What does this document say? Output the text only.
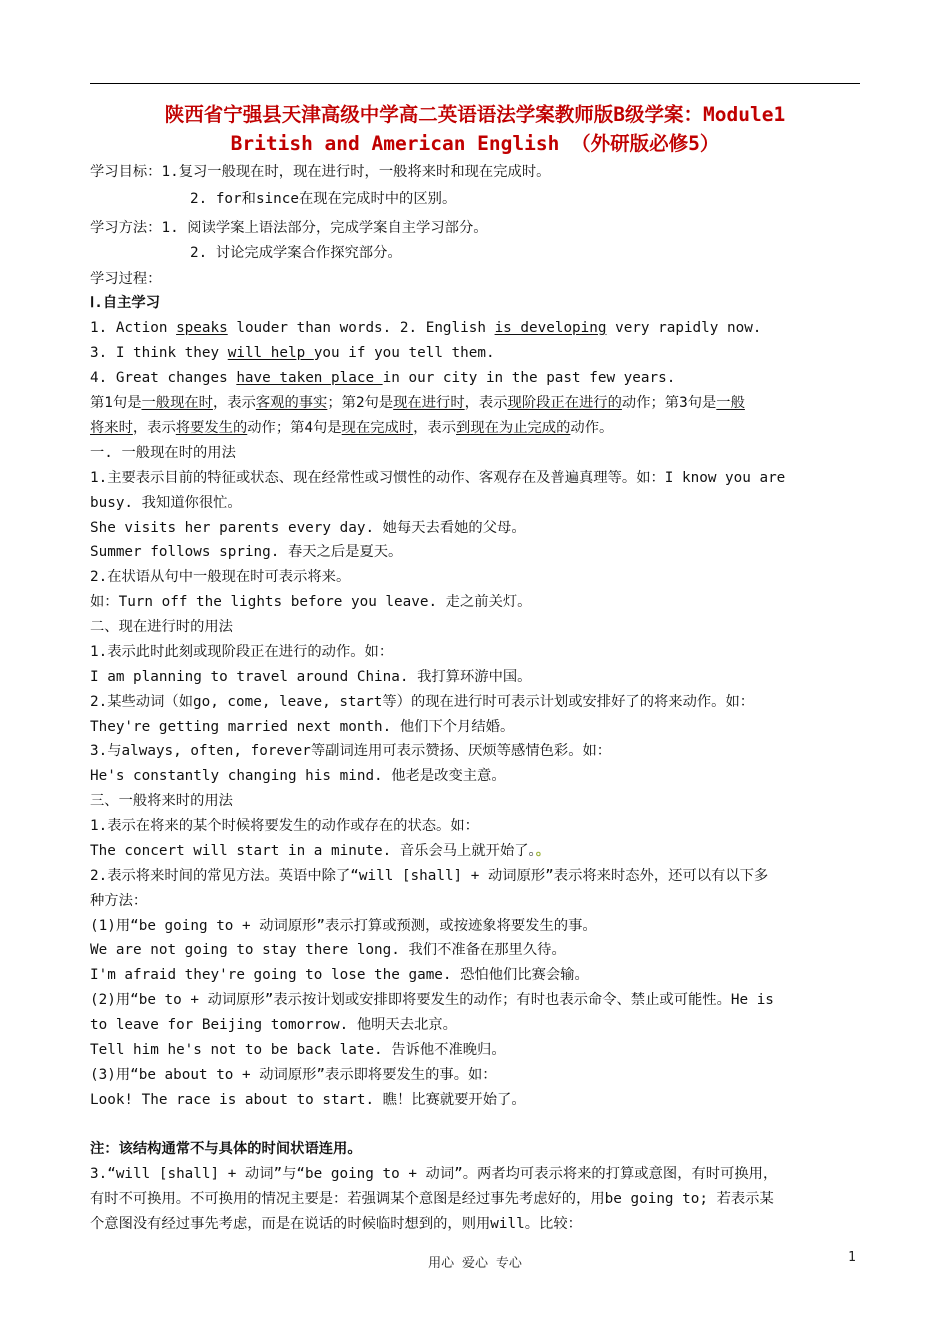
陕西省宁强县天津高级中学高二英语语法学案教师版B级学案：Module1
British and American English （外研版必修5）
学习目标：1.复习一般现在时，现在进行时，一般将来时和现在完成时。
2. for和since在现在完成时中的区别。
学习方法：1. 阅读学案上语法部分，完成学案自主学习部分。
2. 讨论完成学案合作探究部分。
学习过程：
Ⅰ.自主学习
1. Action speaks louder than words. 2. English is developing very rapidly now.
3. I think they will help you if you tell them.
4. Great changes have taken place in our city in the past few years.
第1句是一般现在时，表示客观的事实；第2句是现在进行时，表示现阶段正在进行的动作；第3句是一般
将来时，表示将要发生的动作；第4句是现在完成时，表示到现在为止完成的动作。
一. 一般现在时的用法
1.主要表示目前的特征或状态、现在经常性或习惯性的动作、客观存在及普遍真理等。如：I know you are
busy. 我知道你很忙。
She visits her parents every day. 她每天去看她的父母。
Summer follows spring. 春天之后是夏天。
2.在状语从句中一般现在时可表示将来。
如：Turn off the lights before you leave. 走之前关灯。
二、现在进行时的用法
1.表示此时此刻或现阶段正在进行的动作。如：
I am planning to travel around China. 我打算环游中国。
2.某些动词（如go, come, leave, start等）的现在进行时可表示计划或安排好了的将来动作。如：
They're getting married next month. 他们下个月结婚。
3.与always, often, forever等副词连用可表示赞扬、厌烦等感情色彩。如：
He's constantly changing his mind. 他老是改变主意。
三、一般将来时的用法
1.表示在将来的某个时候将要发生的动作或存在的状态。如：
The concert will start in a minute. 音乐会马上就开始了。。
2.表示将来时间的常见方法。英语中除了“will [shall] + 动词原形”表示将来时态外，还可以有以下多
种方法：
(1)用“be going to + 动词原形”表示打算或预测，或按迹象将要发生的事。
We are not going to stay there long. 我们不准备在那里久待。
I'm afraid they're going to lose the game. 恐怕他们比赛会输。
(2)用“be to + 动词原形”表示按计划或安排即将要发生的动作；有时也表示命令、禁止或可能性。He is
to leave for Beijing tomorrow. 他明天去北京。
Tell him he's not to be back late. 告诉他不准晚归。
(3)用“be about to + 动词原形”表示即将要发生的事。如：
Look! The race is about to start. 瞧！比赛就要开始了。
注：该结构通常不与具体的时间状语连用。
3.“will [shall] + 动词”与“be going to + 动词”。两者均可表示将来的打算或意图，有时可换用，
有时不可换用。不可换用的情况主要是：若强调某个意图是经过事先考虑好的，用be going to; 若表示某
个意图没有经过事先考虑，而是在说话的时候临时想到的，则用will。比较：
用心 爱心 专心	1
